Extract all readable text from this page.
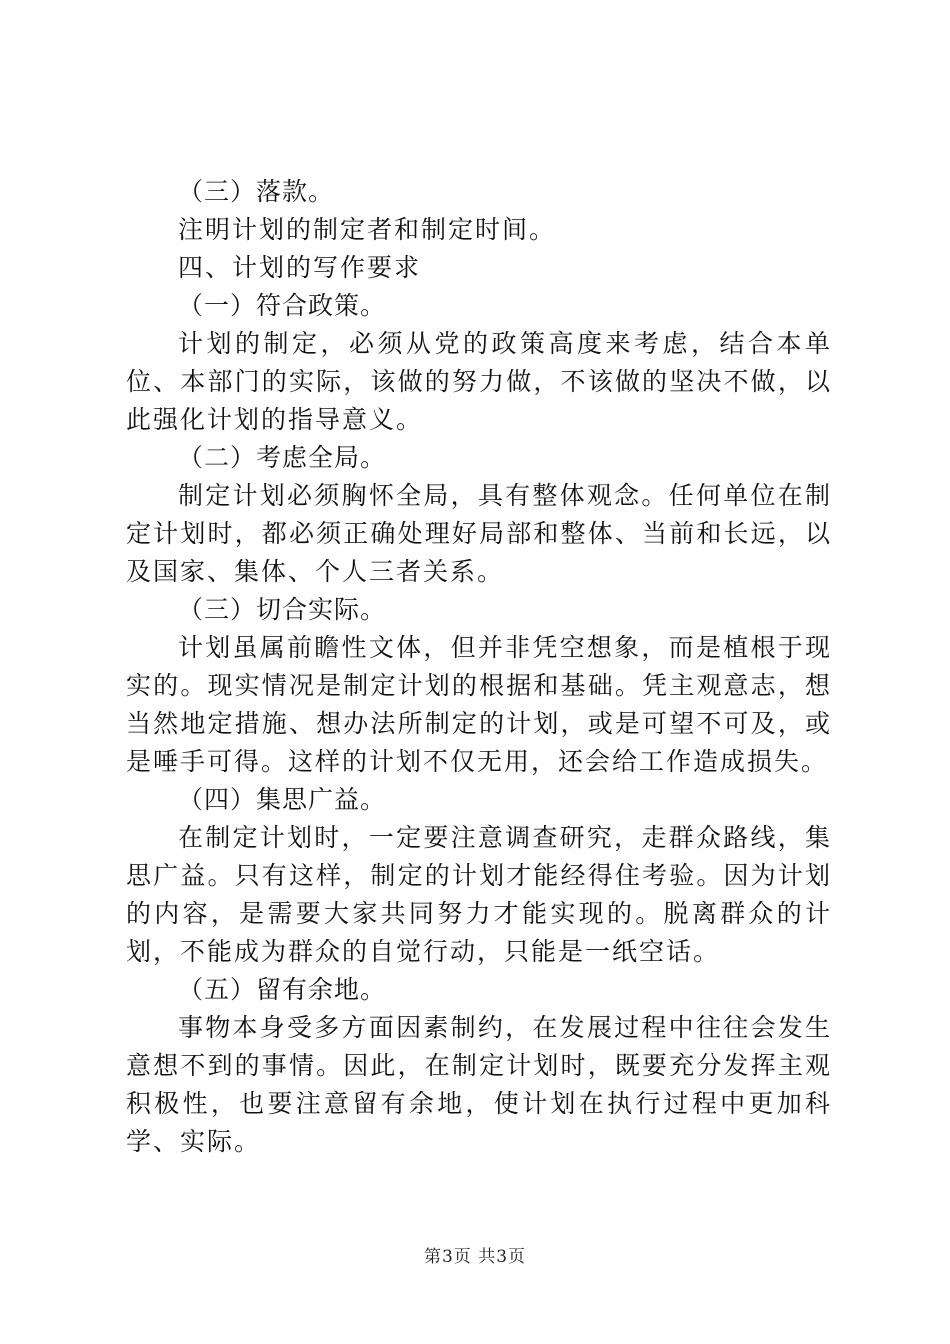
（三）落款。

注明计划的制定者和制定时间。

四、计划的写作要求

（一）符合政策。

计划的制定，必须从党的政策高度来考虑，结合本单位、本部门的实际，该做的努力做，不该做的坚决不做，以此强化计划的指导意义。

（二）考虑全局。

制定计划必须胸怀全局，具有整体观念。任何单位在制定计划时，都必须正确处理好局部和整体、当前和长远，以及国家、集体、个人三者关系。

（三）切合实际。

计划虽属前瞻性文体，但并非凭空想象，而是植根于现实的。现实情况是制定计划的根据和基础。凭主观意志，想当然地定措施、想办法所制定的计划，或是可望不可及，或是唾手可得。这样的计划不仅无用，还会给工作造成损失。

（四）集思广益。

在制定计划时，一定要注意调查研究，走群众路线，集思广益。只有这样，制定的计划才能经得住考验。因为计划的内容，是需要大家共同努力才能实现的。脱离群众的计划，不能成为群众的自觉行动，只能是一纸空话。

（五）留有余地。

事物本身受多方面因素制约，在发展过程中往往会发生意想不到的事情。因此，在制定计划时，既要充分发挥主观积极性，也要注意留有余地，使计划在执行过程中更加科学、实际。

第3页 共3页
